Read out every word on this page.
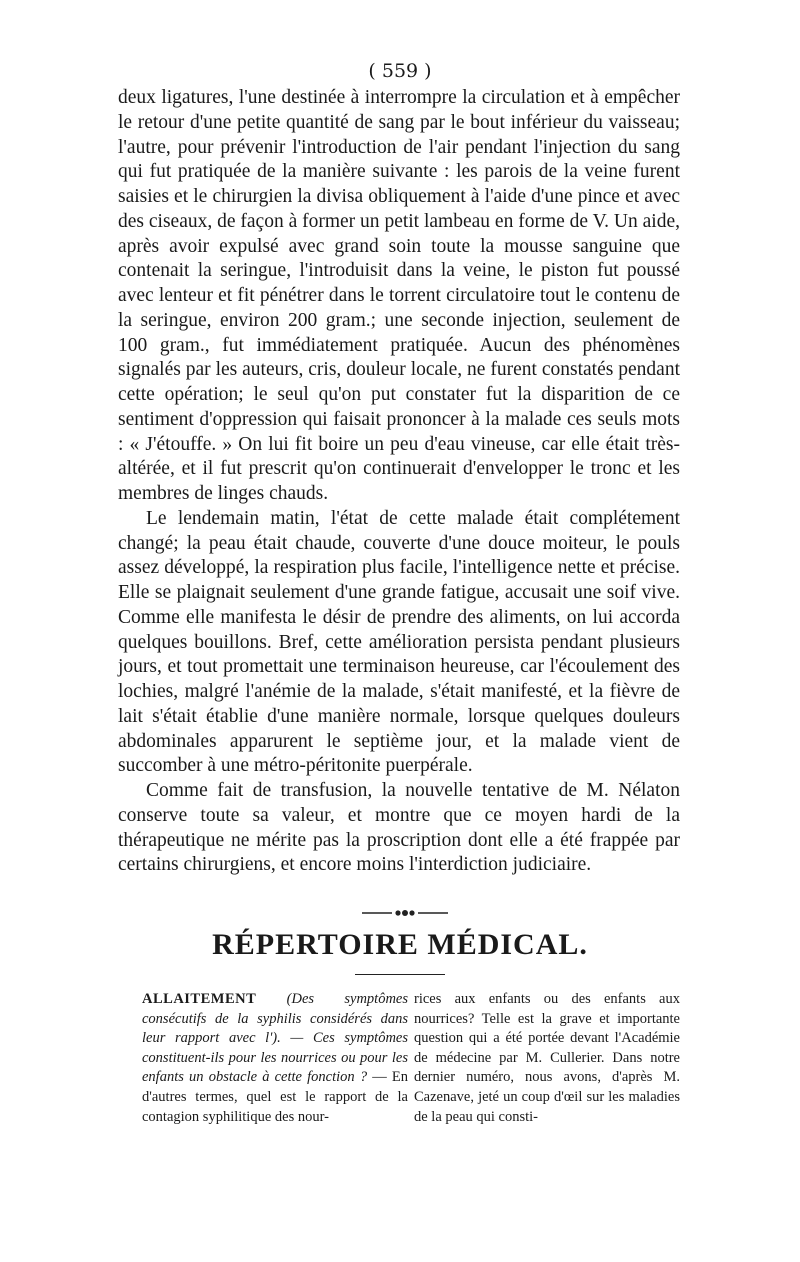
( 559 )

deux ligatures, l'une destinée à interrompre la circulation et à empêcher le retour d'une petite quantité de sang par le bout inférieur du vaisseau; l'autre, pour prévenir l'introduction de l'air pendant l'injection du sang qui fut pratiquée de la manière suivante : les parois de la veine furent saisies et le chirurgien la divisa obliquement à l'aide d'une pince et avec des ciseaux, de façon à former un petit lambeau en forme de V. Un aide, après avoir expulsé avec grand soin toute la mousse sanguine que contenait la seringue, l'introduisit dans la veine, le piston fut poussé avec lenteur et fit pénétrer dans le torrent circulatoire tout le contenu de la seringue, environ 200 gram.; une seconde injection, seulement de 100 gram., fut immédiatement pratiquée. Aucun des phénomènes signalés par les auteurs, cris, douleur locale, ne furent constatés pendant cette opération; le seul qu'on put constater fut la disparition de ce sentiment d'oppression qui faisait prononcer à la malade ces seuls mots : « J'étouffe. » On lui fit boire un peu d'eau vineuse, car elle était très-altérée, et il fut prescrit qu'on continuerait d'envelopper le tronc et les membres de linges chauds.

Le lendemain matin, l'état de cette malade était complétement changé; la peau était chaude, couverte d'une douce moiteur, le pouls assez développé, la respiration plus facile, l'intelligence nette et précise. Elle se plaignait seulement d'une grande fatigue, accusait une soif vive. Comme elle manifesta le désir de prendre des aliments, on lui accorda quelques bouillons. Bref, cette amélioration persista pendant plusieurs jours, et tout promettait une terminaison heureuse, car l'écoulement des lochies, malgré l'anémie de la malade, s'était manifesté, et la fièvre de lait s'était établie d'une manière normale, lorsque quelques douleurs abdominales apparurent le septième jour, et la malade vient de succomber à une métro-péritonite puerpérale.

Comme fait de transfusion, la nouvelle tentative de M. Nélaton conserve toute sa valeur, et montre que ce moyen hardi de la thérapeutique ne mérite pas la proscription dont elle a été frappée par certains chirurgiens, et encore moins l'interdiction judiciaire.

RÉPERTOIRE MÉDICAL.

ALLAITEMENT (Des symptômes consécutifs de la syphilis considérés dans leur rapport avec l'). — Ces symptômes constituent-ils pour les nourrices ou pour les enfants un obstacle à cette fonction ? — En d'autres termes, quel est le rapport de la contagion syphilitique des nour-

rices aux enfants ou des enfants aux nourrices? Telle est la grave et importante question qui a été portée devant l'Académie de médecine par M. Cullerier. Dans notre dernier numéro, nous avons, d'après M. Cazenave, jeté un coup d'œil sur les maladies de la peau qui consti-
